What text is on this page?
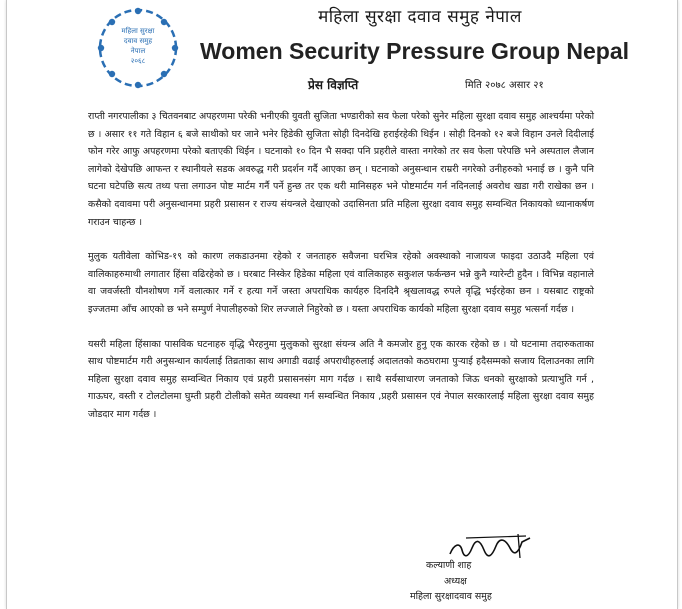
महिला सुरक्षा
दवाव समुह
नेपाल
२०६८
महिला सुरक्षा दवाव समुह नेपाल
Women Security Pressure Group Nepal
प्रेस विज्ञप्ति	मिति २०७८ असार २१

राप्ती नगरपालीका ३ चितवनबाट अपहरणमा परेकी भनीएकी युवती सुजिता भण्डारीको सव फेला परेको सुनेर महिला सुरक्षा दवाव समुह आश्चर्यमा परेको छ । असार ११ गते विहान ६ बजे साथीको घर जाने भनेर हिडेकी सुजिता सोही दिनदेखि हराईरहेकी थिईन । सोही दिनको १२ बजे विहान उनले दिदीलाई फोन गरेर आफु अपहरणमा परेको बताएकी थिईन । घटनाको १० दिन भै सक्दा पनि प्रहरीले वास्ता नगरेको तर सव फेला परेपछि भने अस्पताल लैजान लागेको देखेपछि आफन्त र स्थानीयले सडक अवरुद्ध गरी प्रदर्शन गर्दै आएका छन् । घटनाको अनुसन्धान राम्ररी नगरेको उनीहरुको भनाई छ । कुनै पनि घटना घटेपछि सत्य तथ्य पत्ता लगाउन पोष्ट मार्टम गर्नै पर्ने हुन्छ तर एक थरी मानिसहरु भने पोष्टमार्टम गर्न नदिनलाई अवरोध खडा गरी राखेका छन । कसैको दवावमा परी अनुसन्धानमा प्रहरी प्रसासन र राज्य संयन्त्रले देखाएको उदासिनता प्रति महिला सुरक्षा दवाव समुह सम्वन्धित निकायको ध्यानाकर्षण गराउन चाहन्छ ।

मुलुक यतीवेला कोभिड-१९ को कारण लकडाउनमा रहेको र जनताहरु सवैजना घरभित्र रहेको अवस्थाको नाजायज फाइदा उठाउदै महिला एवं वालिकाहरुमाथी लगातार हिंसा वढिरहेको छ । घरबाट निस्केर हिडेका महिला एवं वालिकाहरु सकुशल फर्कन्छन भन्ने कुनै ग्यारेन्टी हुदैन । विभिन्न वहानाले वा जवर्जस्ती यौनशोषण गर्ने वलात्कार गर्ने र हत्या गर्ने जस्ता अपराधिक कार्यहरु दिनदिनै श्रृखलावद्ध रुपले वृद्धि भईरहेका छन । यसबाट राष्ट्रको इज्जतमा आँच आएको छ भने सम्पुर्ण नेपालीहरुको शिर लज्जाले निहुरेको छ । यस्ता अपराधिक कार्यको महिला सुरक्षा दवाव समुह भत्सर्ना गर्दछ ।

यसरी महिला हिंसाका पासविक घटनाहरु वृद्धि भैरहनुमा मुलुकको सुरक्षा संयन्त्र अति नै कमजोर हुनु एक कारक रहेको छ । यो घटनामा तदारुकताका साथ पोष्टमार्टम गरी अनुसन्धान कार्यलाई तिव्रताका साथ अगाडी वढाई अपराधीहरुलाई अदालतको कठघरामा पुऱ्याई हदैसम्मको सजाय दिलाउनका लागि महिला सुरक्षा दवाव समुह सम्वन्धित निकाय एवं प्रहरी प्रसासनसंग माग गर्दछ । साथै सर्वसाधारण जनताको जिऊ धनको सुरक्षाको प्रत्याभुति गर्न , गाऊघर, वस्ती र टोलटोलमा घुम्ती प्रहरी टोलीको समेत व्यवस्था गर्न सम्वन्धित निकाय ,प्रहरी प्रसासन एवं नेपाल सरकारलाई महिला सुरक्षा दवाव समुह जोडदार माग गर्दछ ।

कल्याणी शाह
अध्यक्ष
महिला सुरक्षादवाव समुह
